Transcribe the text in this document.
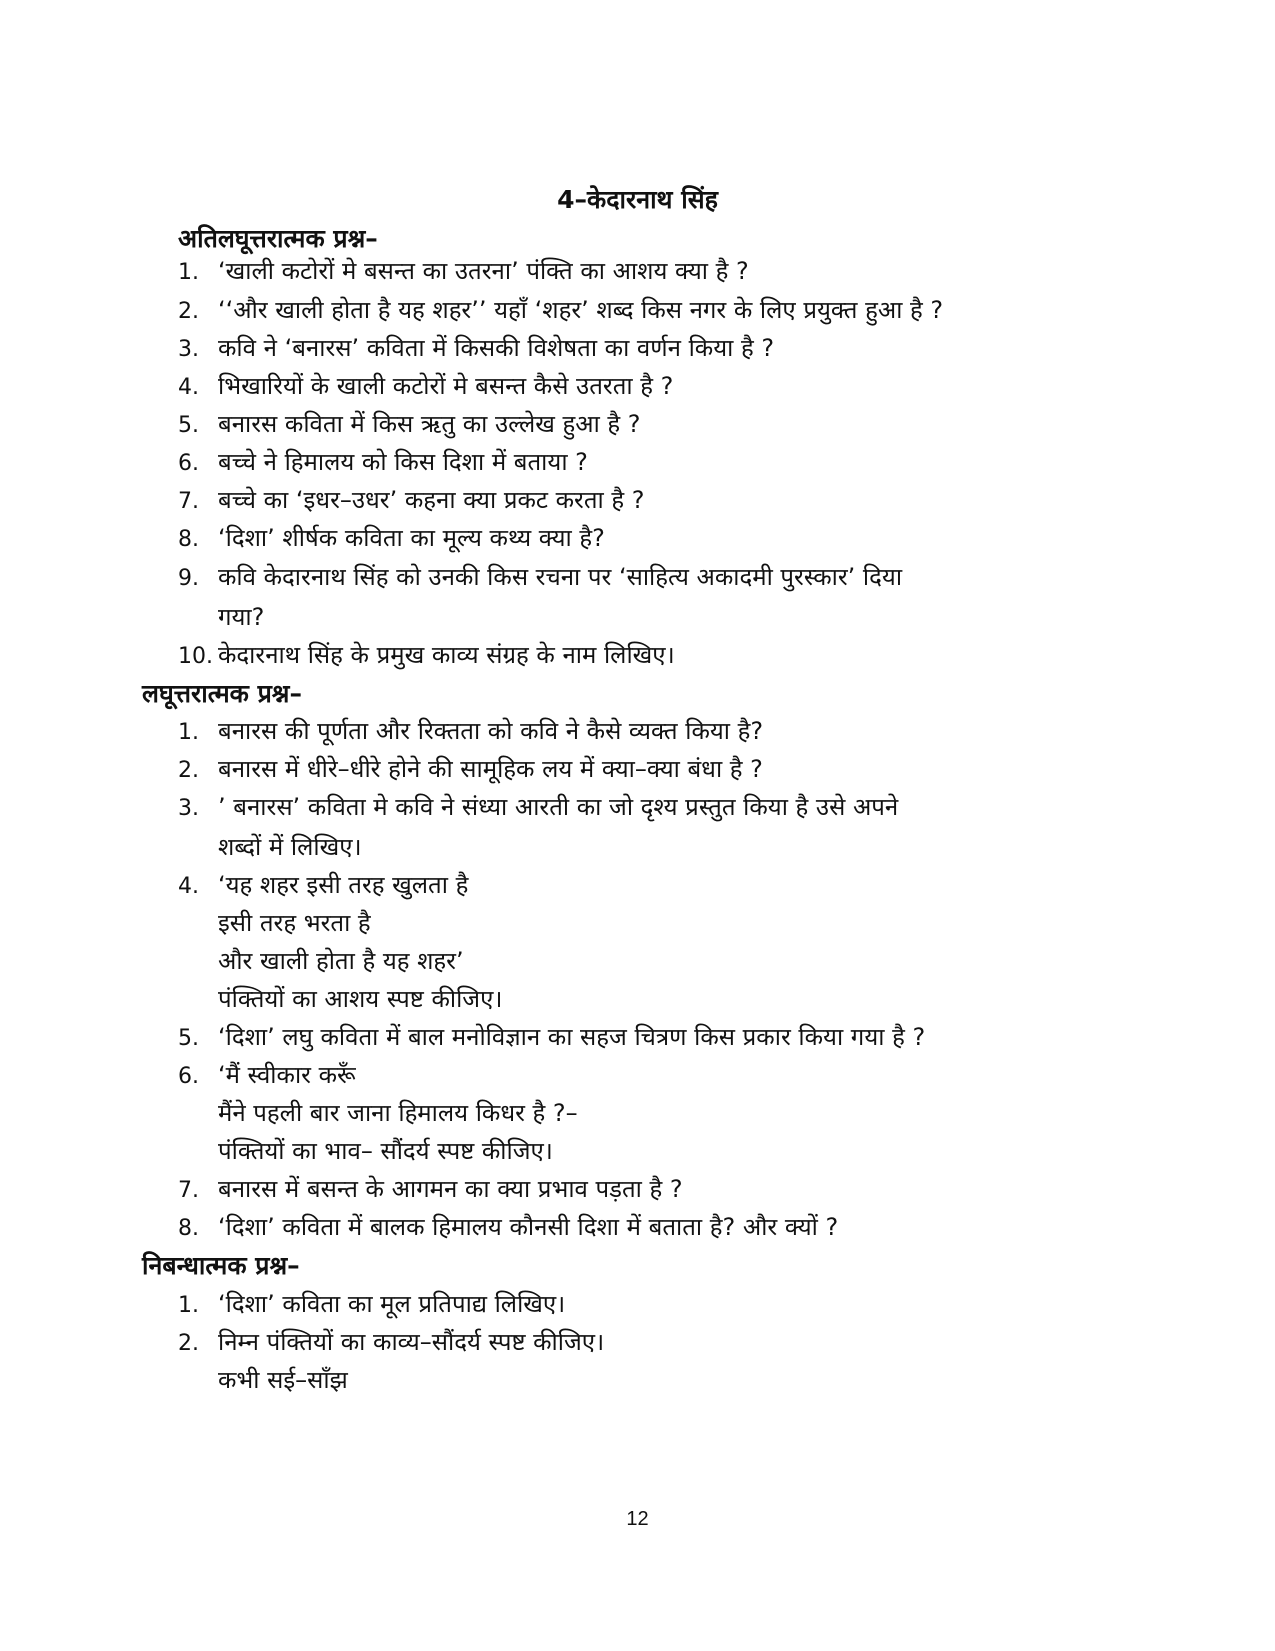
4–केदारनाथ सिंह
अतिलघूत्तरात्मक प्रश्न–
1. ‘खाली कटोरों मे बसन्त का उतरना’ पंक्ति का आशय क्या है ?
2. ‘‘और खाली होता है यह शहर’’ यहाँ ‘शहर’ शब्द किस नगर के लिए प्रयुक्त हुआ है ?
3. कवि ने ‘बनारस’ कविता में किसकी विशेषता का वर्णन किया है ?
4. भिखारियों के खाली कटोरों मे बसन्त कैसे उतरता है ?
5. बनारस कविता में किस ऋतु का उल्लेख हुआ है ?
6. बच्चे ने हिमालय को किस दिशा में बताया ?
7. बच्चे का ‘इधर–उधर’ कहना क्या प्रकट करता है ?
8. ‘दिशा’ शीर्षक कविता का मूल्य कथ्य क्या है?
9. कवि केदारनाथ सिंह को उनकी किस रचना पर ‘साहित्य अकादमी पुरस्कार’ दिया
गया?
10. केदारनाथ सिंह के प्रमुख काव्य संग्रह के नाम लिखिए।
लघूत्तरात्मक प्रश्न–
1. बनारस की पूर्णता और रिक्तता को कवि ने कैसे व्यक्त किया है?
2. बनारस में धीरे–धीरे होने की सामूहिक लय में क्या–क्या बंधा है ?
3. ’ बनारस’ कविता मे कवि ने संध्या आरती का जो दृश्य प्रस्तुत किया है उसे अपने
शब्दों में लिखिए।
4. ‘यह शहर इसी तरह खुलता है
इसी तरह भरता है
और खाली होता है यह शहर’
पंक्तियों का आशय स्पष्ट कीजिए।
5. ‘दिशा’ लघु कविता में बाल मनोविज्ञान का सहज चित्रण किस प्रकार किया गया है ?
6. ‘मैं स्वीकार करूँ
मैंने पहली बार जाना हिमालय किधर है ?–
पंक्तियों का भाव– सौंदर्य स्पष्ट कीजिए।
7. बनारस में बसन्त के आगमन का क्या प्रभाव पड़ता है ?
8. ‘दिशा’ कविता में बालक हिमालय कौनसी दिशा में बताता है? और क्यों ?
निबन्धात्मक प्रश्न–
1. ‘दिशा’ कविता का मूल प्रतिपाद्य लिखिए।
2. निम्न पंक्तियों का काव्य–सौंदर्य स्पष्ट कीजिए।
कभी सई–साँझ
12
